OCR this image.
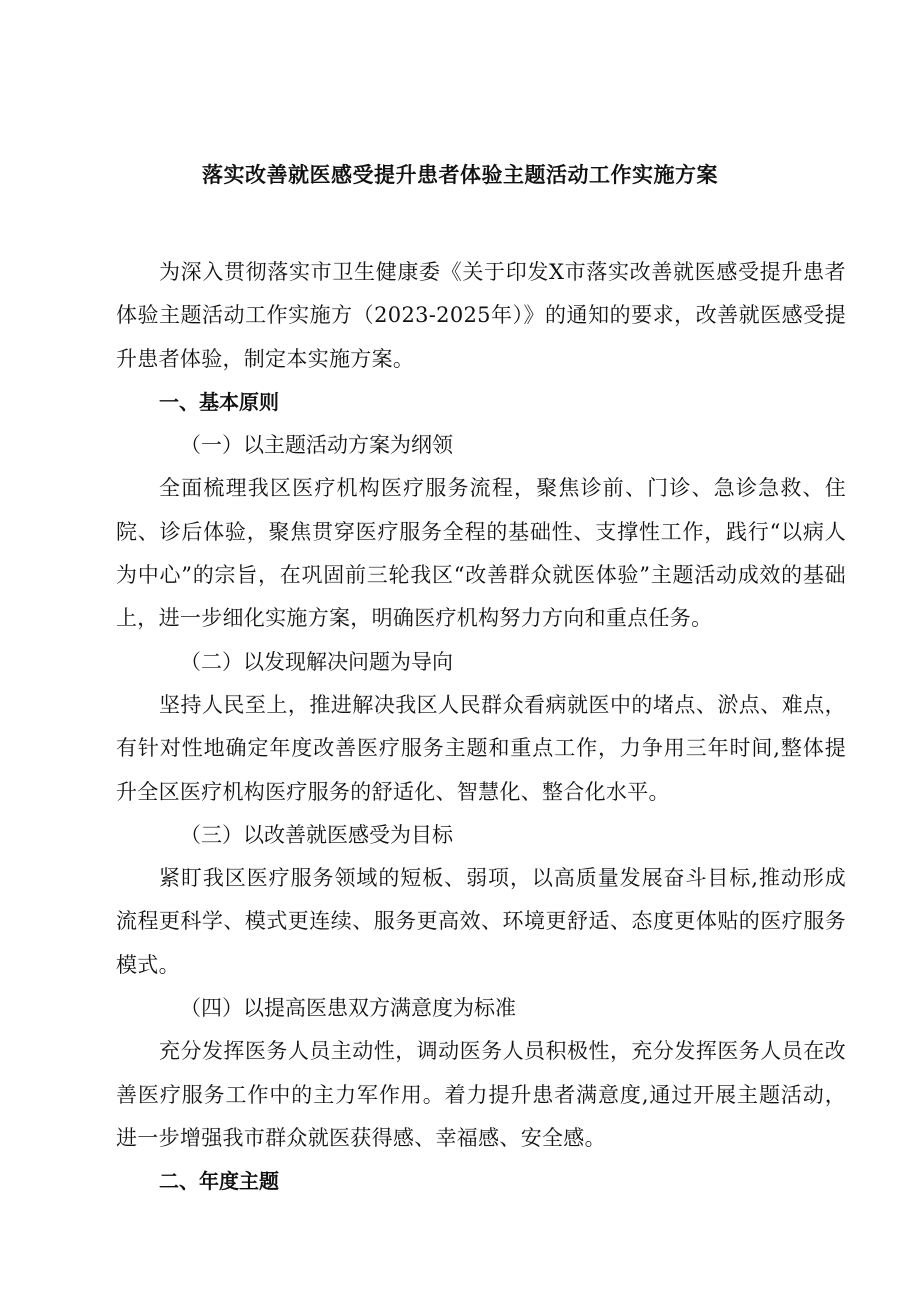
落实改善就医感受提升患者体验主题活动工作实施方案

为深入贯彻落实市卫生健康委《关于印发X市落实改善就医感受提升患者体验主题活动工作实施方（2023-2025年）》的通知的要求，改善就医感受提升患者体验，制定本实施方案。

一、基本原则

（一）以主题活动方案为纲领

全面梳理我区医疗机构医疗服务流程，聚焦诊前、门诊、急诊急救、住院、诊后体验，聚焦贯穿医疗服务全程的基础性、支撑性工作，践行“以病人为中心”的宗旨，在巩固前三轮我区“改善群众就医体验”主题活动成效的基础上，进一步细化实施方案，明确医疗机构努力方向和重点任务。

（二）以发现解决问题为导向

坚持人民至上，推进解决我区人民群众看病就医中的堵点、淤点、难点，有针对性地确定年度改善医疗服务主题和重点工作，力争用三年时间,整体提升全区医疗机构医疗服务的舒适化、智慧化、整合化水平。

（三）以改善就医感受为目标

紧盯我区医疗服务领域的短板、弱项，以高质量发展奋斗目标,推动形成流程更科学、模式更连续、服务更高效、环境更舒适、态度更体贴的医疗服务模式。

（四）以提高医患双方满意度为标准

充分发挥医务人员主动性，调动医务人员积极性，充分发挥医务人员在改善医疗服务工作中的主力军作用。着力提升患者满意度,通过开展主题活动，进一步增强我市群众就医获得感、幸福感、安全感。

二、年度主题
